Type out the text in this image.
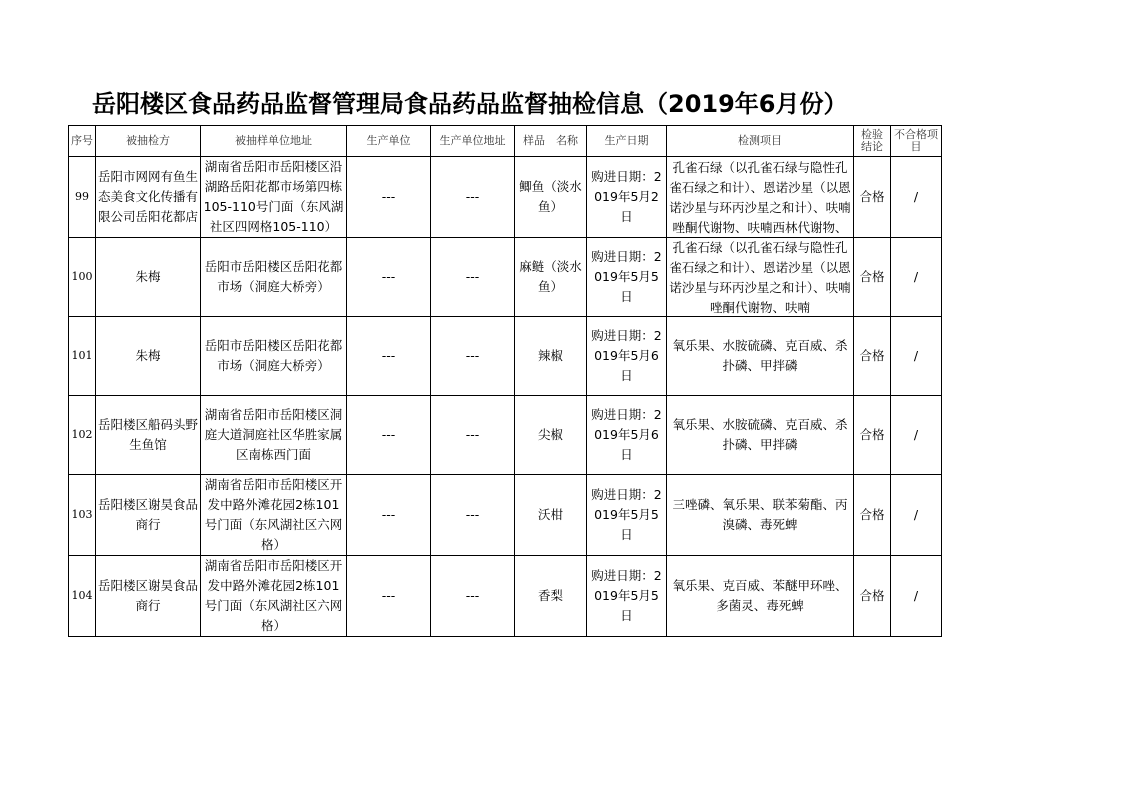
岳阳楼区食品药品监督管理局食品药品监督抽检信息（2019年6月份）
序号	被抽检方	被抽样单位地址	生产单位	生产单位地址	样品　名称	生产日期	检测项目	检验结论	不合格项目
99	岳阳市网网有鱼生态美食文化传播有限公司岳阳花都店	湖南省岳阳市岳阳楼区沿湖路岳阳花都市场第四栋105-110号门面（东风湖社区四网格105-110）	---	---	鲫鱼（淡水鱼）	购进日期：2019年5月2日	孔雀石绿（以孔雀石绿与隐性孔雀石绿之和计）、恩诺沙星（以恩诺沙星与环丙沙星之和计）、呋喃唑酮代谢物、呋喃西林代谢物、	合格	/
100	朱梅	岳阳市岳阳楼区岳阳花都市场（洞庭大桥旁）	---	---	麻鲢（淡水鱼）	购进日期：2019年5月5日	孔雀石绿（以孔雀石绿与隐性孔雀石绿之和计）、恩诺沙星（以恩诺沙星与环丙沙星之和计）、呋喃唑酮代谢物、呋喃	合格	/
101	朱梅	岳阳市岳阳楼区岳阳花都市场（洞庭大桥旁）	---	---	辣椒	购进日期：2019年5月6日	氧乐果、水胺硫磷、克百威、杀扑磷、甲拌磷	合格	/
102	岳阳楼区船码头野生鱼馆	湖南省岳阳市岳阳楼区洞庭大道洞庭社区华胜家属区南栋西门面	---	---	尖椒	购进日期：2019年5月6日	氧乐果、水胺硫磷、克百威、杀扑磷、甲拌磷	合格	/
103	岳阳楼区谢昊食品商行	湖南省岳阳市岳阳楼区开发中路外滩花园2栋101号门面（东风湖社区六网格）	---	---	沃柑	购进日期：2019年5月5日	三唑磷、氧乐果、联苯菊酯、丙溴磷、毒死蜱	合格	/
104	岳阳楼区谢昊食品商行	湖南省岳阳市岳阳楼区开发中路外滩花园2栋101号门面（东风湖社区六网格）	---	---	香梨	购进日期：2019年5月5日	氧乐果、克百威、苯醚甲环唑、多菌灵、毒死蜱	合格	/
